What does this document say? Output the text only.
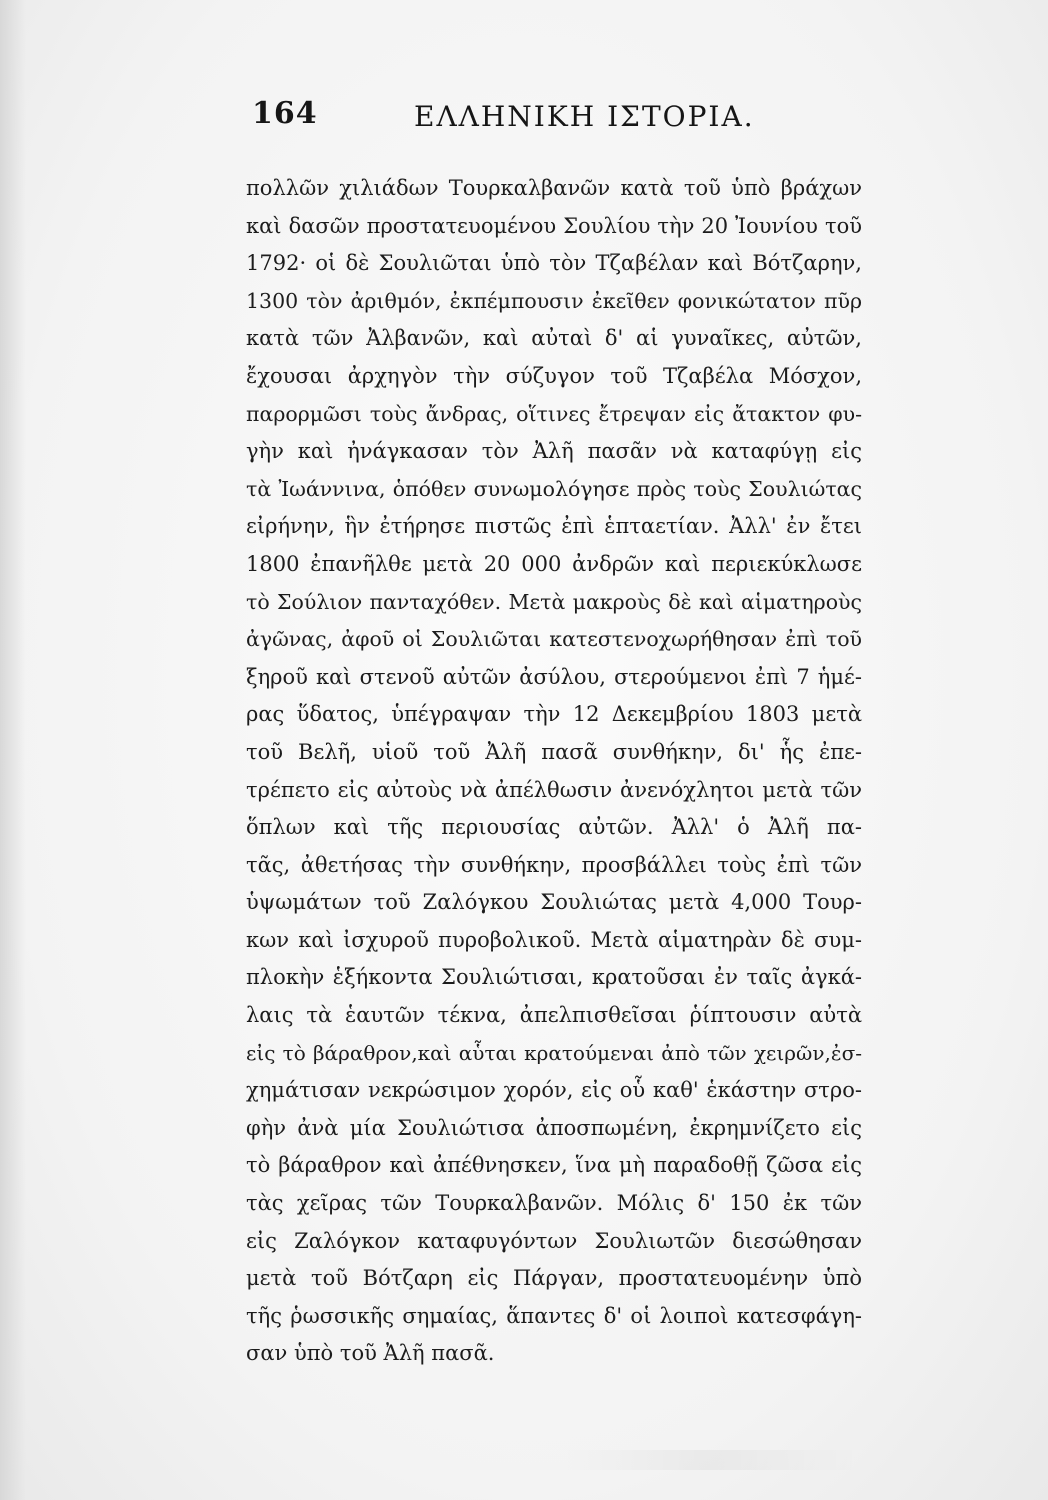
164	ΕΛΛΗΝΙΚΗ ΙΣΤΟΡΙΑ.
πολλῶν χιλιάδων Τουρκαλβανῶν κατὰ τοῦ ὑπὸ βράχων
καὶ δασῶν προστατευομένου Σουλίου τὴν 20 Ἰουνίου τοῦ
1792· οἱ δὲ Σουλιῶται ὑπὸ τὸν Τζαβέλαν καὶ Βότζαρην,
1300 τὸν ἀριθμόν, ἐκπέμπουσιν ἐκεῖθεν φονικώτατον πῦρ
κατὰ τῶν Ἀλβανῶν, καὶ αὐταὶ δ' αἱ γυναῖκες, αὐτῶν,
ἔχουσαι ἀρχηγὸν τὴν σύζυγον τοῦ Τζαβέλα Μόσχον,
παρορμῶσι τοὺς ἄνδρας, οἵτινες ἔτρεψαν εἰς ἄτακτον φυ-
γὴν καὶ ἠνάγκασαν τὸν Ἀλῆ πασᾶν νὰ καταφύγῃ εἰς
τὰ Ἰωάννινα, ὁπόθεν συνωμολόγησε πρὸς τοὺς Σουλιώτας
εἰρήνην, ἣν ἐτήρησε πιστῶς ἐπὶ ἑπταετίαν. Ἀλλ' ἐν ἔτει
1800 ἐπανῆλθε μετὰ 20 000 ἀνδρῶν καὶ περιεκύκλωσε
τὸ Σούλιον πανταχόθεν. Μετὰ μακροὺς δὲ καὶ αἱματηροὺς
ἀγῶνας, ἀφοῦ οἱ Σουλιῶται κατεστενοχωρήθησαν ἐπὶ τοῦ
ξηροῦ καὶ στενοῦ αὐτῶν ἀσύλου, στερούμενοι ἐπὶ 7 ἡμέ-
ρας ὕδατος, ὑπέγραψαν τὴν 12 Δεκεμβρίου 1803 μετὰ
τοῦ Βελῆ, υἱοῦ τοῦ Ἀλῆ πασᾶ συνθήκην, δι' ἧς ἐπε-
τρέπετο εἰς αὐτοὺς νὰ ἀπέλθωσιν ἀνενόχλητοι μετὰ τῶν
ὅπλων καὶ τῆς περιουσίας αὐτῶν. Ἀλλ' ὁ Ἀλῆ πα-
τᾶς, ἀθετήσας τὴν συνθήκην, προσβάλλει τοὺς ἐπὶ τῶν
ὑψωμάτων τοῦ Ζαλόγκου Σουλιώτας μετὰ 4,000 Τουρ-
κων καὶ ἰσχυροῦ πυροβολικοῦ. Μετὰ αἱματηρὰν δὲ συμ-
πλοκὴν ἑξήκοντα Σουλιώτισαι, κρατοῦσαι ἐν ταῖς ἀγκά-
λαις τὰ ἑαυτῶν τέκνα, ἀπελπισθεῖσαι ῥίπτουσιν αὐτὰ
εἰς τὸ βάραθρον,καὶ αὗται κρατούμεναι ἀπὸ τῶν χειρῶν,ἐσ-
χημάτισαν νεκρώσιμον χορόν, εἰς οὗ καθ' ἑκάστην στρο-
φὴν ἀνὰ μία Σουλιώτισα ἀποσπωμένη, ἐκρημνίζετο εἰς
τὸ βάραθρον καὶ ἀπέθνησκεν, ἵνα μὴ παραδοθῇ ζῶσα εἰς
τὰς χεῖρας τῶν Τουρκαλβανῶν. Μόλις δ' 150 ἐκ τῶν
εἰς Ζαλόγκον καταφυγόντων Σουλιωτῶν διεσώθησαν
μετὰ τοῦ Βότζαρη εἰς Πάργαν, προστατευομένην ὑπὸ
τῆς ῥωσσικῆς σημαίας, ἅπαντες δ' οἱ λοιποὶ κατεσφάγη-
σαν ὑπὸ τοῦ Ἀλῆ πασᾶ.
